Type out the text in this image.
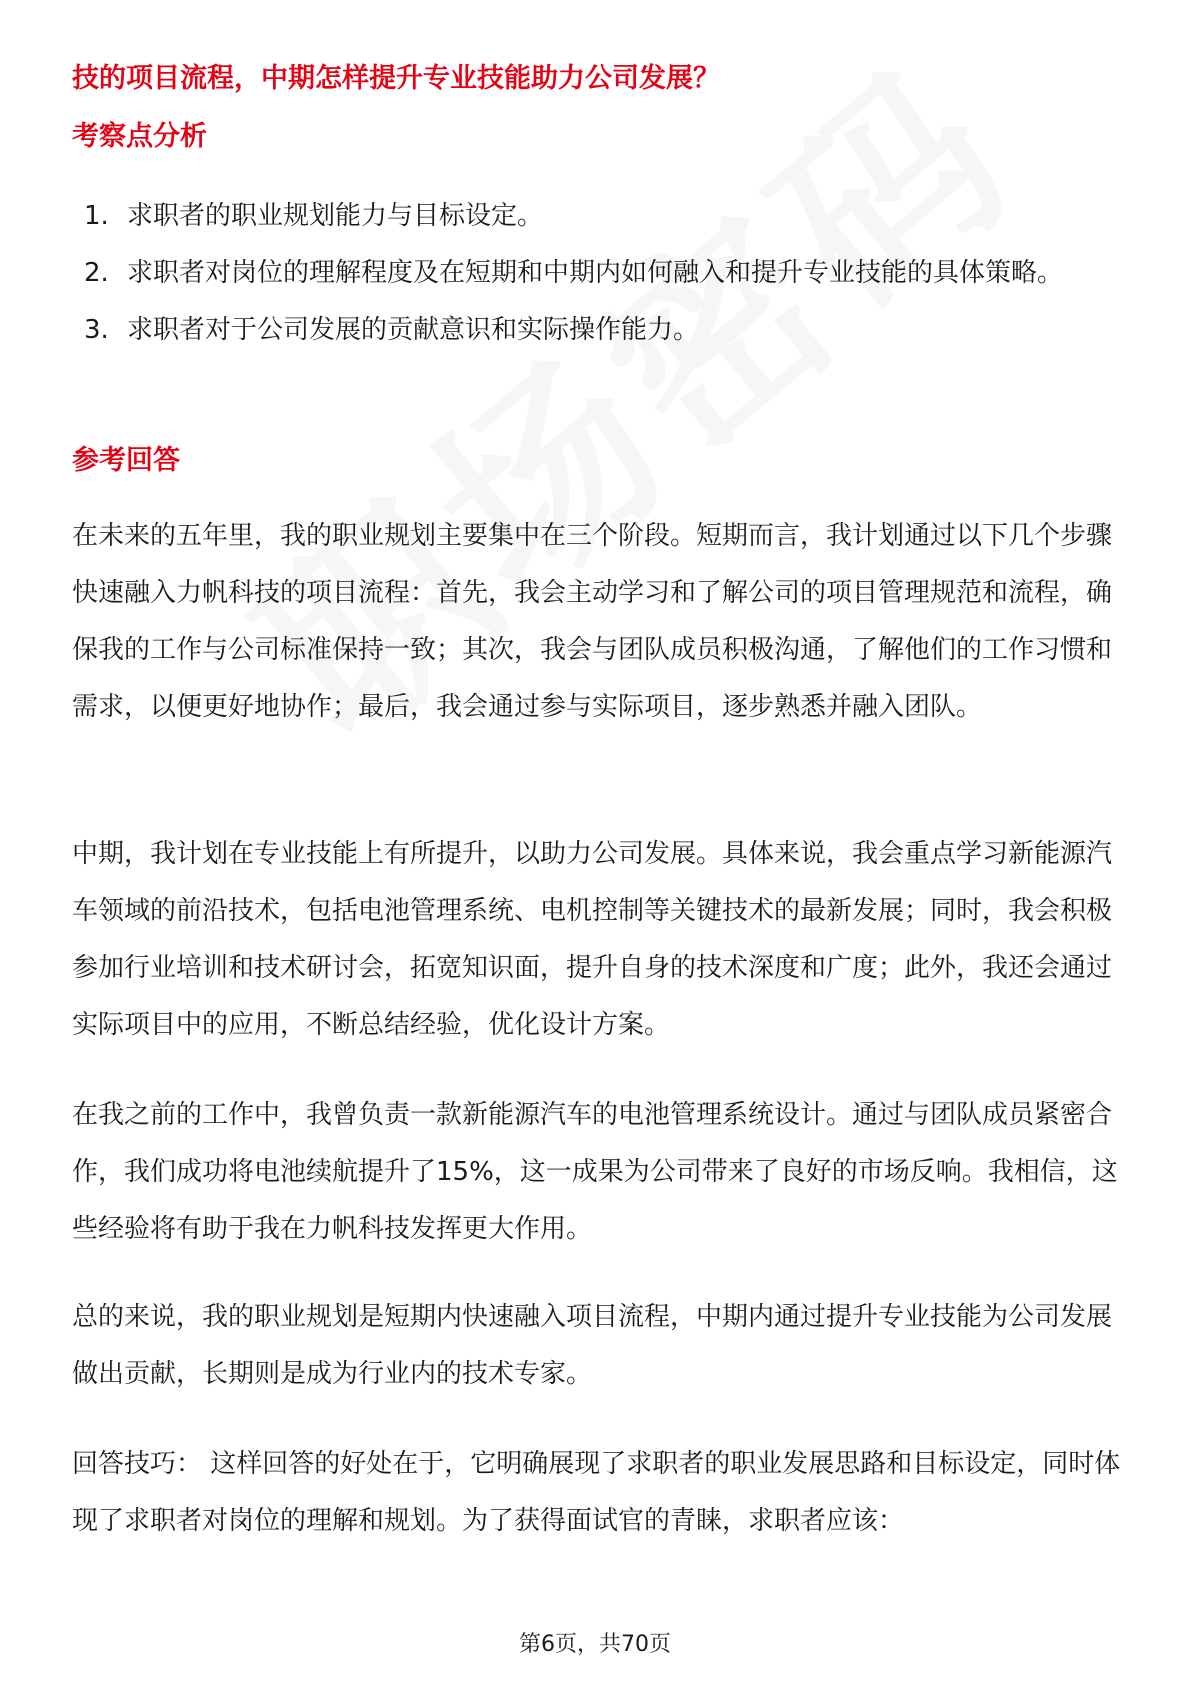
技的项目流程，中期怎样提升专业技能助力公司发展？
考察点分析
1. 求职者的职业规划能力与目标设定。
2. 求职者对岗位的理解程度及在短期和中期内如何融入和提升专业技能的具体策略。
3. 求职者对于公司发展的贡献意识和实际操作能力。
参考回答

在未来的五年里，我的职业规划主要集中在三个阶段。短期而言，我计划通过以下几个步骤快速融入力帆科技的项目流程：首先，我会主动学习和了解公司的项目管理规范和流程，确保我的工作与公司标准保持一致；其次，我会与团队成员积极沟通，了解他们的工作习惯和需求，以便更好地协作；最后，我会通过参与实际项目，逐步熟悉并融入团队。

中期，我计划在专业技能上有所提升，以助力公司发展。具体来说，我会重点学习新能源汽车领域的前沿技术，包括电池管理系统、电机控制等关键技术的最新发展；同时，我会积极参加行业培训和技术研讨会，拓宽知识面，提升自身的技术深度和广度；此外，我还会通过实际项目中的应用，不断总结经验，优化设计方案。

在我之前的工作中，我曾负责一款新能源汽车的电池管理系统设计。通过与团队成员紧密合作，我们成功将电池续航提升了15%，这一成果为公司带来了良好的市场反响。我相信，这些经验将有助于我在力帆科技发挥更大作用。

总的来说，我的职业规划是短期内快速融入项目流程，中期内通过提升专业技能为公司发展做出贡献，长期则是成为行业内的技术专家。

回答技巧： 这样回答的好处在于，它明确展现了求职者的职业发展思路和目标设定，同时体现了求职者对岗位的理解和规划。为了获得面试官的青睐，求职者应该：

第6页，共70页
